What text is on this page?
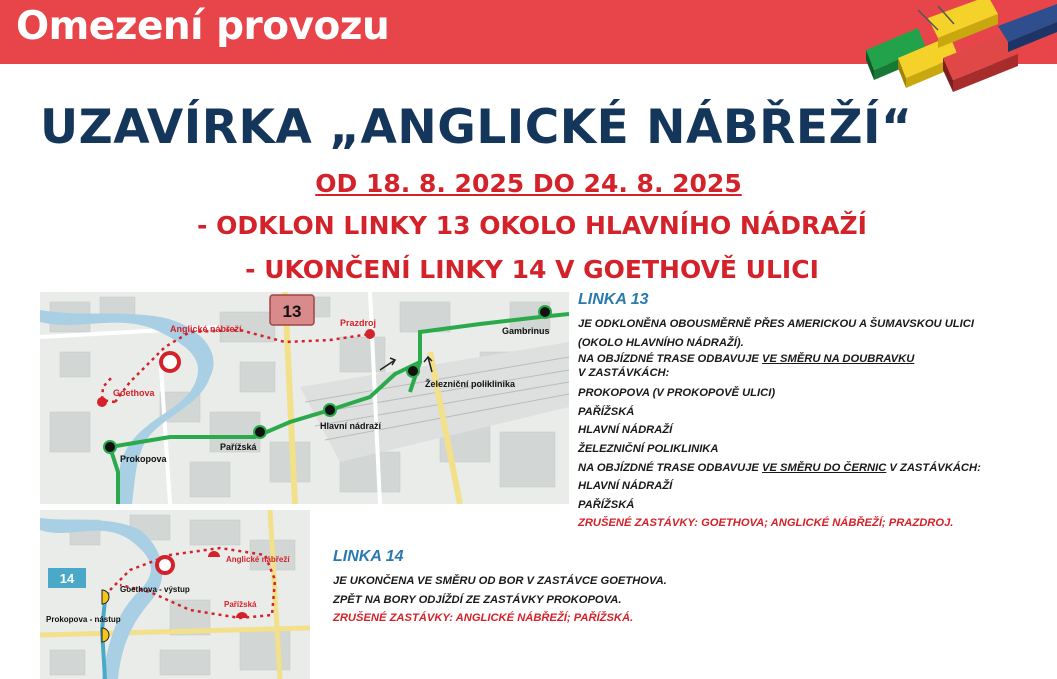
Omezení provozu
UZAVÍRKA „ANGLICKÉ NÁBŘEŽÍ“
OD 18. 8. 2025 DO 24. 8. 2025
- ODKLON LINKY 13 OKOLO HLAVNÍHO NÁDRAŽÍ
- UKONČENÍ LINKY 14 V GOETHOVĚ ULICI
13
Anglické nábřeží
Prazdroj
Gambrinus
Goethova
Prokopova
Pařížská
Hlavní nádraží
Železniční poliklinika
14
Anglické nábřeží
Pařížská
Goethova - výstup
Prokopova - nástup
LINKA 13
JE ODKLONĚNA OBOUSMĚRNĚ PŘES AMERICKOU A ŠUMAVSKOU ULICI
(OKOLO HLAVNÍHO NÁDRAŽÍ).
NA OBJÍZDNÉ TRASE ODBAVUJE VE SMĚRU NA DOUBRAVKU
V ZASTÁVKÁCH:
PROKOPOVA (V PROKOPOVĚ ULICI)
PAŘÍŽSKÁ
HLAVNÍ NÁDRAŽÍ
ŽELEZNIČNÍ POLIKLINIKA
NA OBJÍZDNÉ TRASE ODBAVUJE VE SMĚRU DO ČERNIC V ZASTÁVKÁCH:
HLAVNÍ NÁDRAŽÍ
PAŘÍŽSKÁ
ZRUŠENÉ ZASTÁVKY: GOETHOVA; ANGLICKÉ NÁBŘEŽÍ; PRAZDROJ.
LINKA 14
JE UKONČENA VE SMĚRU OD BOR V ZASTÁVCE GOETHOVA.
ZPĚT NA BORY ODJÍŽDÍ ZE ZASTÁVKY PROKOPOVA.
ZRUŠENÉ ZASTÁVKY: ANGLICKÉ NÁBŘEŽÍ; PAŘÍŽSKÁ.
